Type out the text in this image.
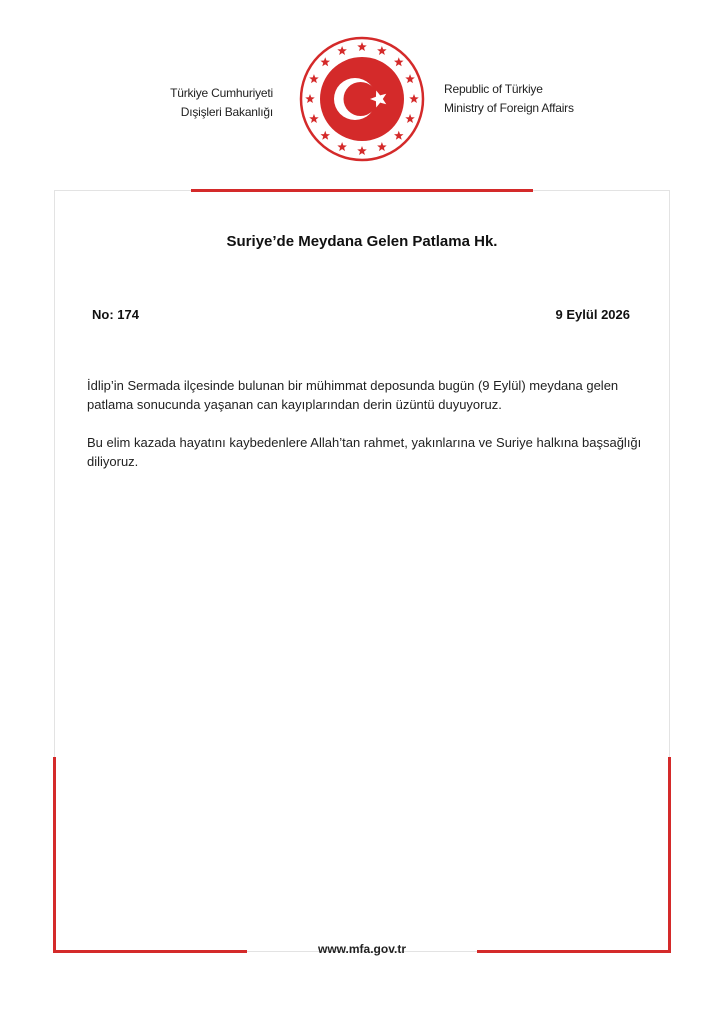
Türkiye Cumhuriyeti
Dışişleri Bakanlığı
Republic of Türkiye
Ministry of Foreign Affairs
Suriye’de Meydana Gelen Patlama Hk.
No: 174	9 Eylül 2026

İdlip’in Sermada ilçesinde bulunan bir mühimmat deposunda bugün (9 Eylül) meydana gelen patlama sonucunda yaşanan can kayıplarından derin üzüntü duyuyoruz.

Bu elim kazada hayatını kaybedenlere Allah’tan rahmet, yakınlarına ve Suriye halkına başsağlığı diliyoruz.

www.mfa.gov.tr
